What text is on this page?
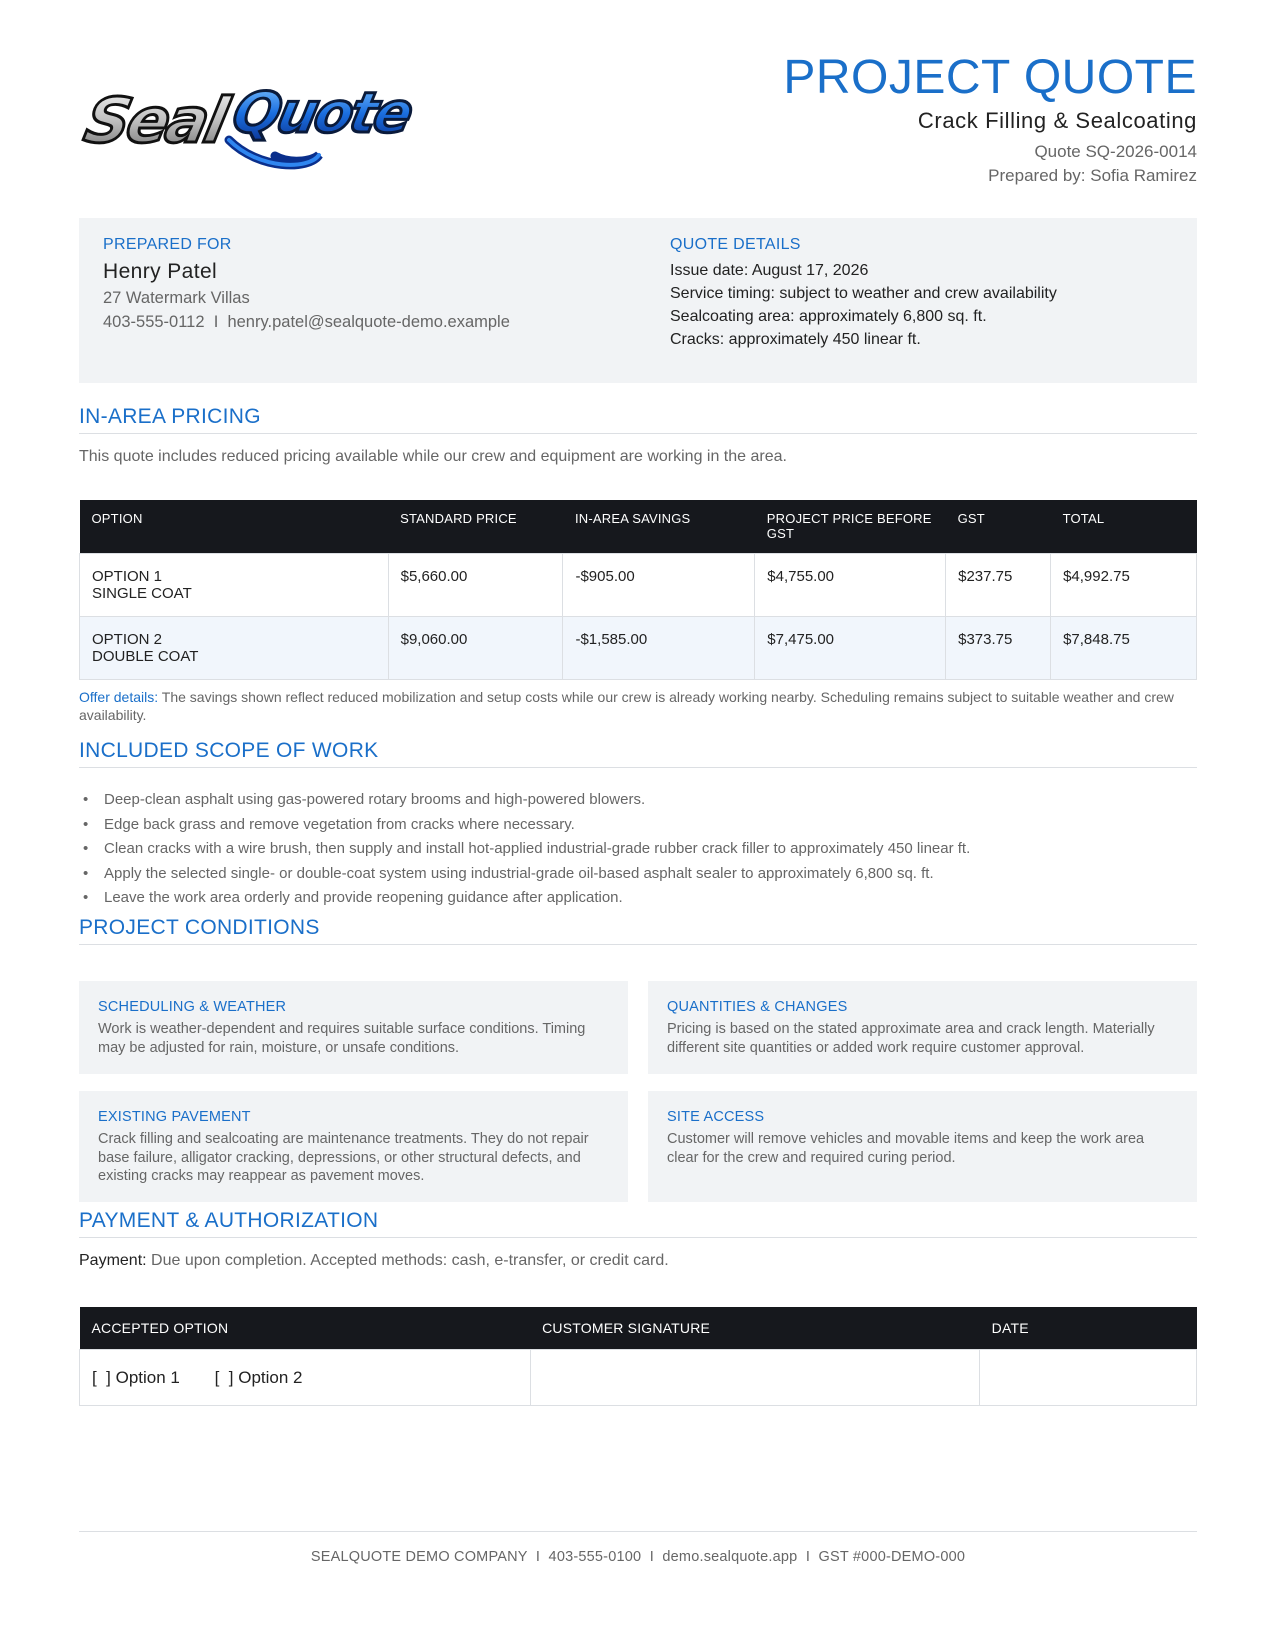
Seal
Quote
PROJECT QUOTE
Crack Filling & Sealcoating
Quote SQ-2026-0014
Prepared by: Sofia Ramirez
PREPARED FOR
Henry Patel
27 Watermark Villas
403-555-0112  I  henry.patel@sealquote-demo.example
QUOTE DETAILS
Issue date: August 17, 2026
Service timing: subject to weather and crew availability
Sealcoating area: approximately 6,800 sq. ft.
Cracks: approximately 450 linear ft.
IN-AREA PRICING
This quote includes reduced pricing available while our crew and equipment are working in the area.
OPTION	STANDARD PRICE	IN-AREA SAVINGS	PROJECT PRICE BEFORE GST	GST	TOTAL

OPTION 1
SINGLE COAT	$5,660.00	-$905.00	$4,755.00	$237.75	$4,992.75

OPTION 2
DOUBLE COAT	$9,060.00	-$1,585.00	$7,475.00	$373.75	$7,848.75
Offer details: The savings shown reflect reduced mobilization and setup costs while our crew is already working nearby. Scheduling remains subject to suitable weather and crew availability.
INCLUDED SCOPE OF WORK
• Deep-clean asphalt using gas-powered rotary brooms and high-powered blowers.
• Edge back grass and remove vegetation from cracks where necessary.
• Clean cracks with a wire brush, then supply and install hot-applied industrial-grade rubber crack filler to approximately 450 linear ft.
• Apply the selected single- or double-coat system using industrial-grade oil-based asphalt sealer to approximately 6,800 sq. ft.
• Leave the work area orderly and provide reopening guidance after application.
PROJECT CONDITIONS
SCHEDULING & WEATHER
Work is weather-dependent and requires suitable surface conditions. Timing may be adjusted for rain, moisture, or unsafe conditions.
QUANTITIES & CHANGES
Pricing is based on the stated approximate area and crack length. Materially different site quantities or added work require customer approval.
EXISTING PAVEMENT
Crack filling and sealcoating are maintenance treatments. They do not repair base failure, alligator cracking, depressions, or other structural defects, and existing cracks may reappear as pavement moves.
SITE ACCESS
Customer will remove vehicles and movable items and keep the work area clear for the crew and required curing period.
PAYMENT & AUTHORIZATION
Payment: Due upon completion. Accepted methods: cash, e-transfer, or credit card.
ACCEPTED OPTION	CUSTOMER SIGNATURE	DATE
[  ] Option 1 [  ] Option 2		
SEALQUOTE DEMO COMPANY  I  403-555-0100  I  demo.sealquote.app  I  GST #000-DEMO-000
